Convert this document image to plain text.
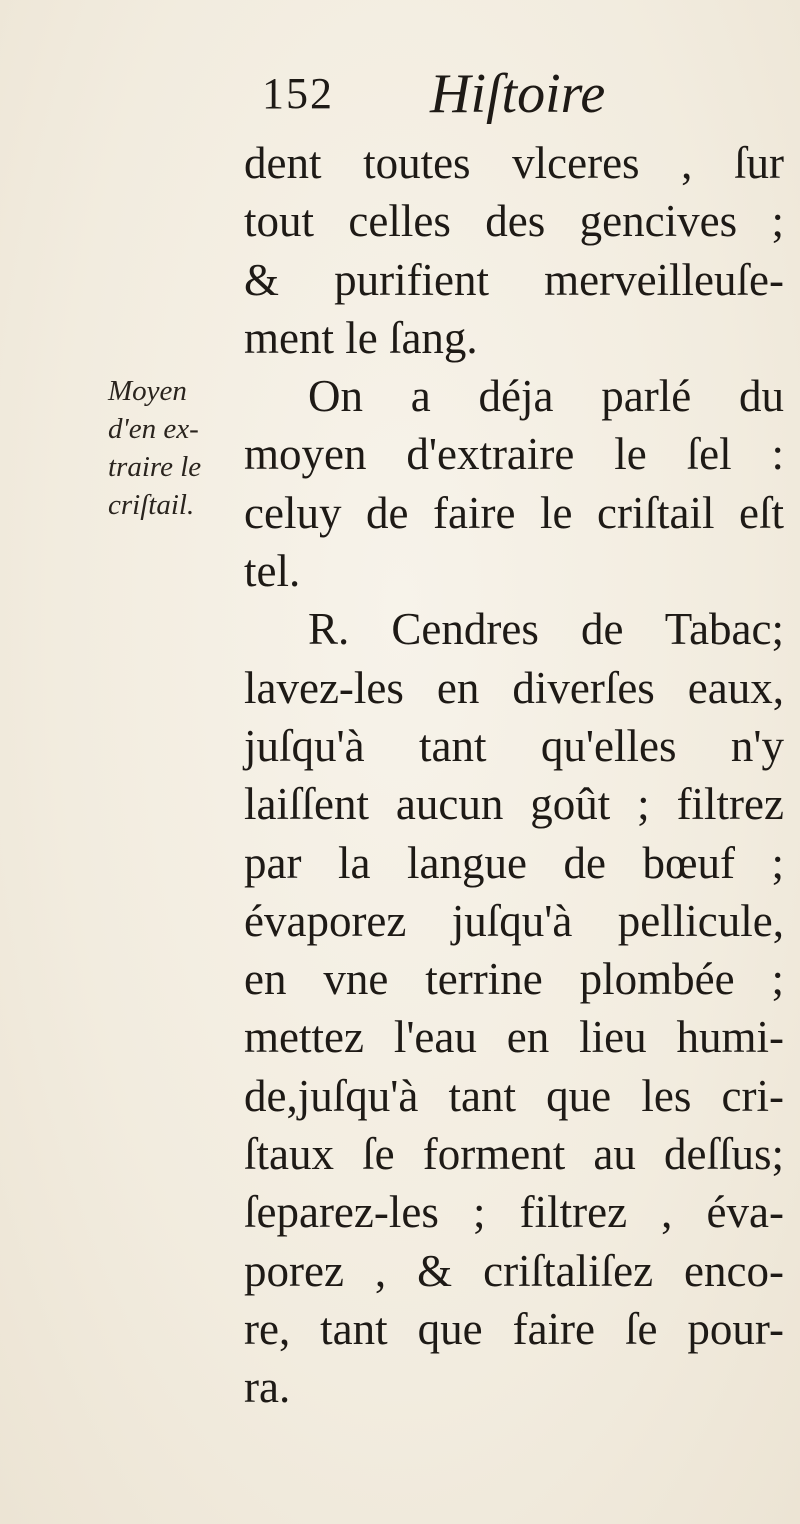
152 Hiſtoire
Moyen
d'en ex-
traire le
criſtail.
dent toutes vlceres , ſur
tout celles des gencives ;
& purifient merveilleuſe-
ment le ſang.
On a déja parlé du
moyen d'extraire le ſel :
celuy de faire le criſtail eſt
tel.
R. Cendres de Tabac;
lavez-les en diverſes eaux,
juſqu'à tant qu'elles n'y
laiſſent aucun goût ; filtrez
par la langue de bœuf ;
évaporez juſqu'à pellicule,
en vne terrine plombée ;
mettez l'eau en lieu humi-
de,juſqu'à tant que les cri-
ſtaux ſe forment au deſſus;
ſeparez-les ; filtrez , éva-
porez , & criſtaliſez enco-
re, tant que faire ſe pour-
ra.
